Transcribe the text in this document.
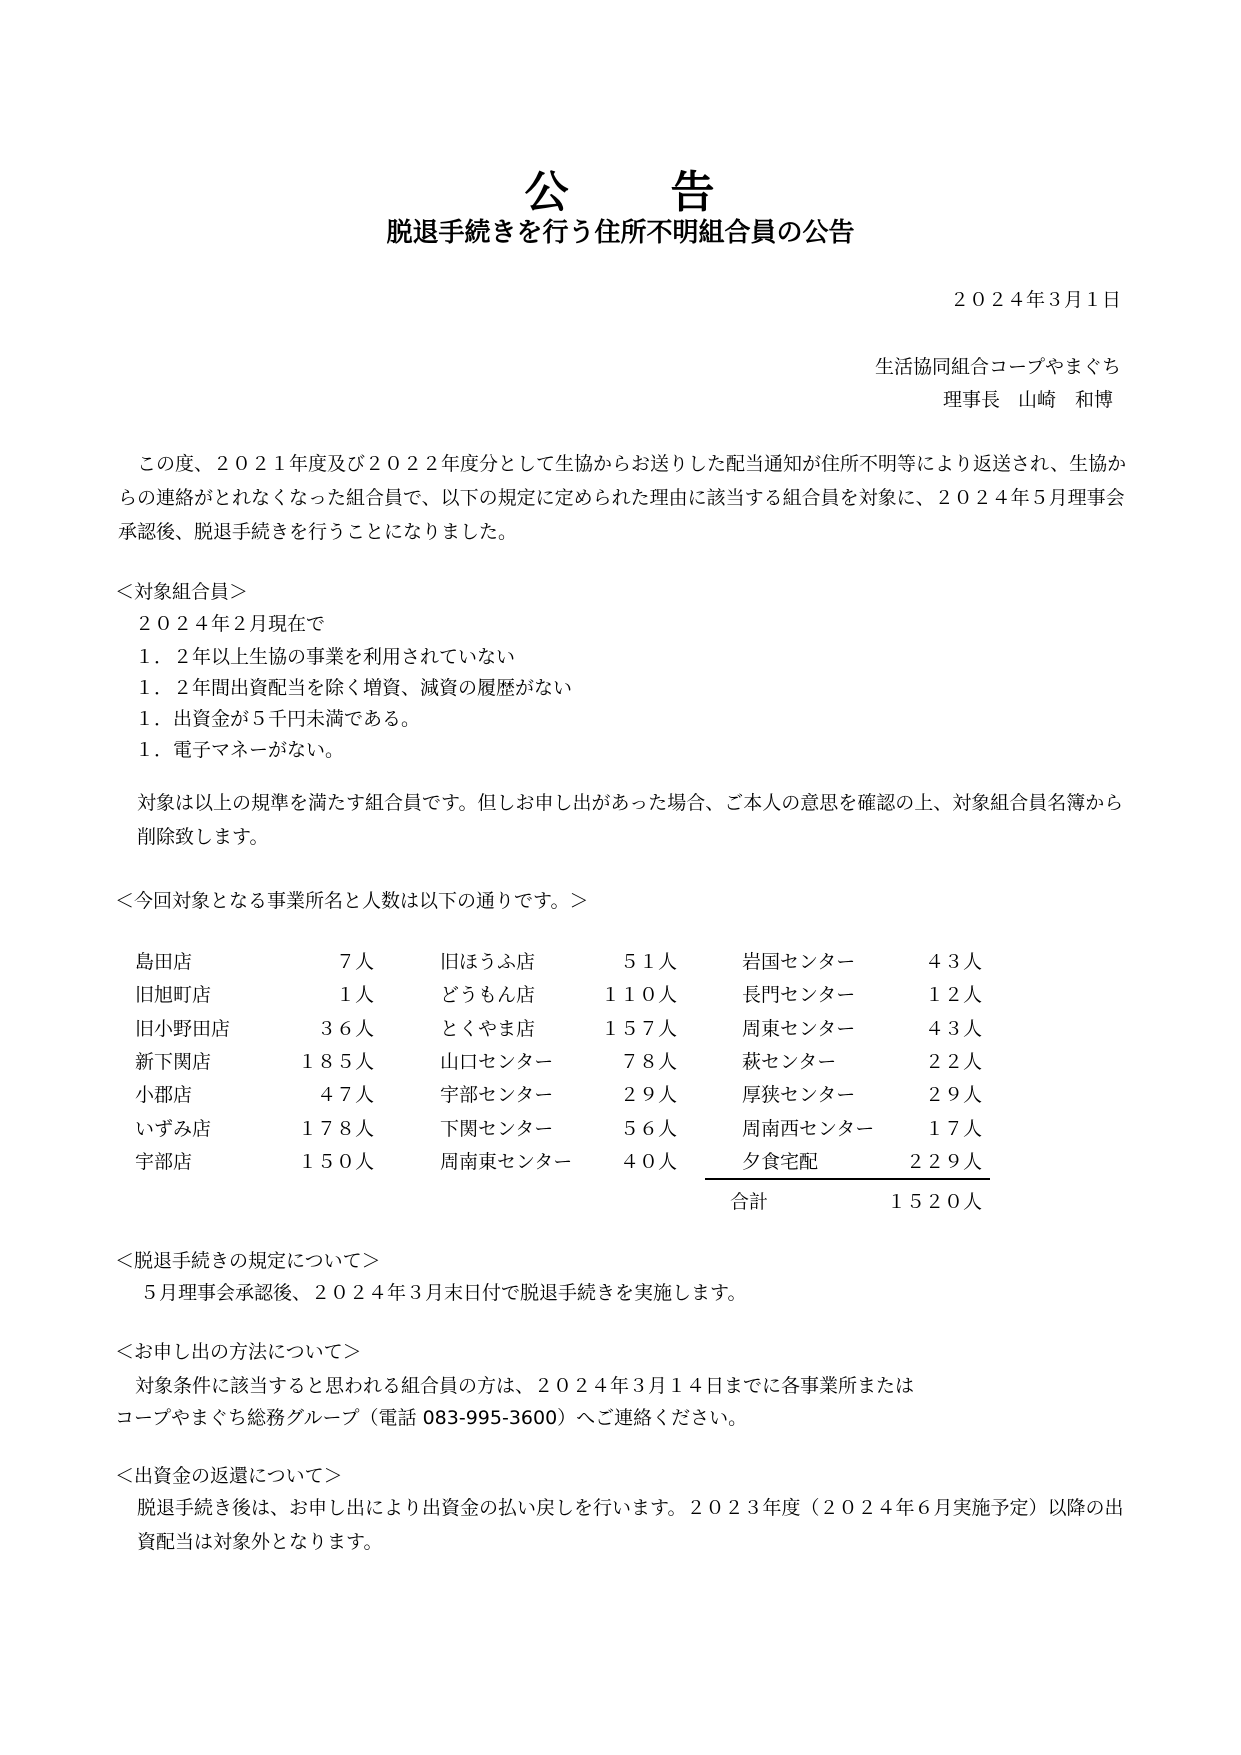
公 告
脱退手続きを行う住所不明組合員の公告
２０２４年３月１日
生活協同組合コープやまぐち
理事長 山崎　和博
この度、２０２１年度及び２０２２年度分として生協からお送りした配当通知が住所不明等により返送され、生協からの連絡がとれなくなった組合員で、以下の規定に定められた理由に該当する組合員を対象に、２０２４年５月理事会承認後、脱退手続きを行うことになりました。
＜対象組合員＞
２０２４年２月現在で
１．２年以上生協の事業を利用されていない
１．２年間出資配当を除く増資、減資の履歴がない
１．出資金が５千円未満である。
１．電子マネーがない。
対象は以上の規準を満たす組合員です。但しお申し出があった場合、ご本人の意思を確認の上、対象組合員名簿から削除致します。
＜今回対象となる事業所名と人数は以下の通りです。＞
島田店	７人
旧旭町店	１人
旧小野田店	３６人
新下関店	１８５人
小郡店	４７人
いずみ店	１７８人
宇部店	１５０人
旧ほうふ店	５１人
どうもん店	１１０人
とくやま店	１５７人
山口センター	７８人
宇部センター	２９人
下関センター	５６人
周南東センター	４０人
岩国センター	４３人
長門センター	１２人
周東センター	４３人
萩センター	２２人
厚狭センター	２９人
周南西センター	１７人
夕食宅配	２２９人
合計	１５２０人
＜脱退手続きの規定について＞
５月理事会承認後、２０２４年３月末日付で脱退手続きを実施します。
＜お申し出の方法について＞
対象条件に該当すると思われる組合員の方は、２０２４年３月１４日までに各事業所または
コープやまぐち総務グループ（電話 083-995-3600）へご連絡ください。
＜出資金の返還について＞
脱退手続き後は、お申し出により出資金の払い戻しを行います。２０２３年度（２０２４年６月実施予定）以降の出資配当は対象外となります。
